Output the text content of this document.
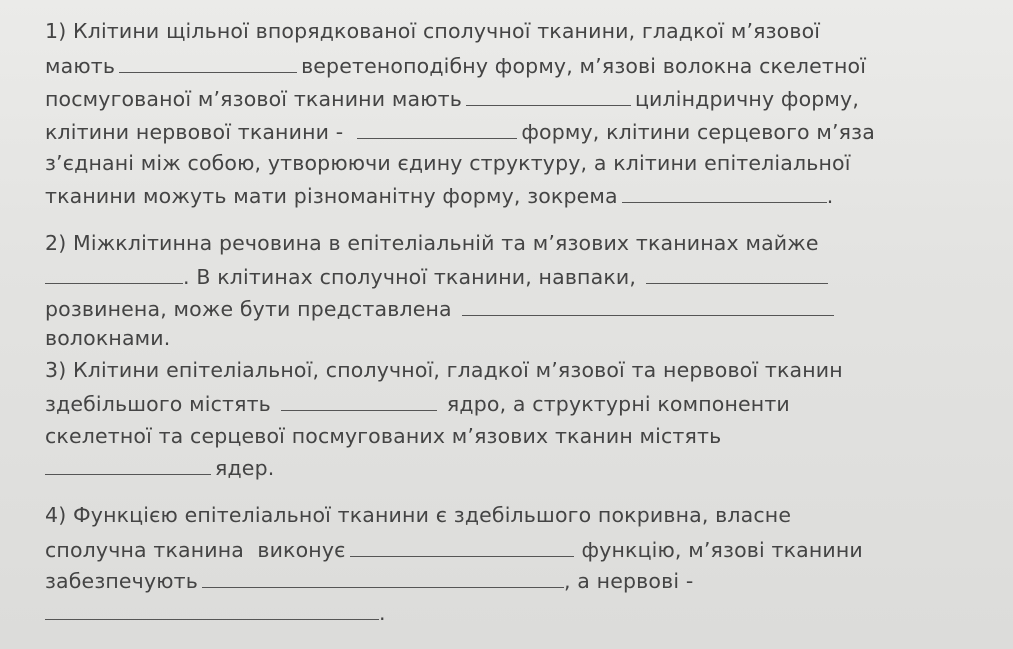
1) Клітини щільної впорядкованої сполучної тканини, гладкої м’язової
мають	веретеноподібну форму, м’язові волокна скелетної
посмугованої м’язової тканини мають	циліндричну форму,
клітини нервової тканини -	форму, клітини серцевого м’яза
з’єднані між собою, утворюючи єдину структуру, а клітини епітеліальної
тканини можуть мати різноманітну форму, зокрема	.
2) Міжклітинна речовина в епітеліальній та м’язових тканинах майже
. В клітинах сполучної тканини, навпаки,
розвинена, може бути представлена
волокнами.
3) Клітини епітеліальної, сполучної, гладкої м’язової та нервової тканин
здебільшого містять	ядро, а структурні компоненти
скелетної та серцевої посмугованих м’язових тканин містять
ядер.
4) Функцією епітеліальної тканини є здебільшого покривна, власне
сполучна тканина  виконує	функцію, м’язові тканини
забезпечують	, а нервові -
.
